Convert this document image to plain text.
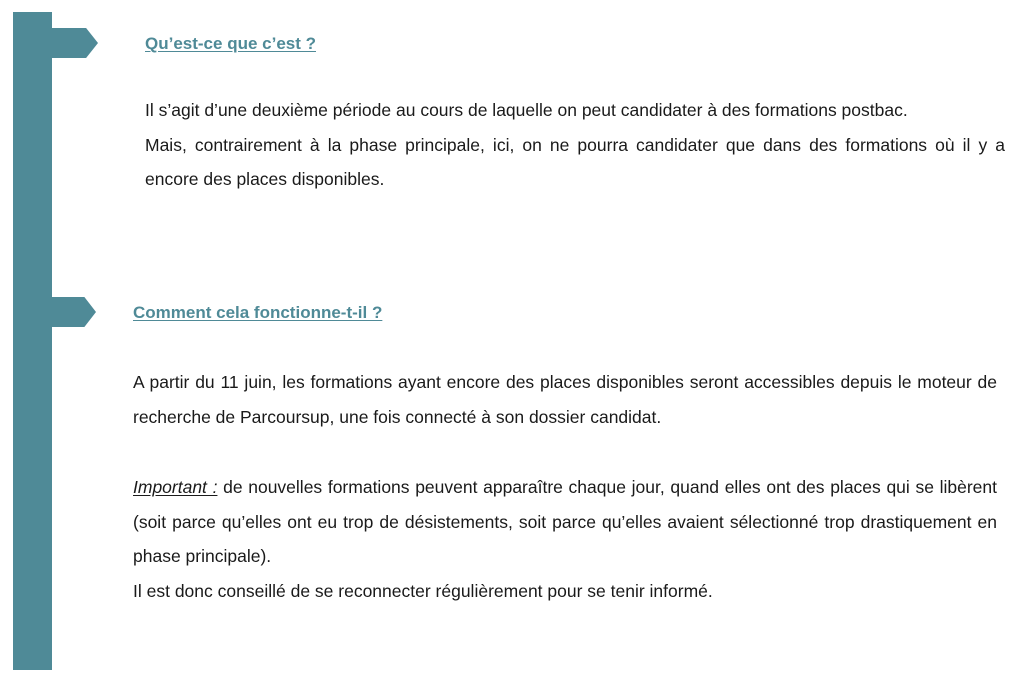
Qu’est-ce que c’est ?

Il s’agit d’une deuxième période au cours de laquelle on peut candidater à des formations postbac.
Mais, contrairement à la phase principale, ici, on ne pourra candidater que dans des formations où il y a encore des places disponibles.

Comment cela fonctionne-t-il ?

A partir du 11 juin, les formations ayant encore des places disponibles seront accessibles depuis le moteur de recherche de Parcoursup, une fois connecté à son dossier candidat.

Important : de nouvelles formations peuvent apparaître chaque jour, quand elles ont des places qui se libèrent (soit parce qu’elles ont eu trop de désistements, soit parce qu’elles avaient sélectionné trop drastiquement en phase principale).
Il est donc conseillé de se reconnecter régulièrement pour se tenir informé.
